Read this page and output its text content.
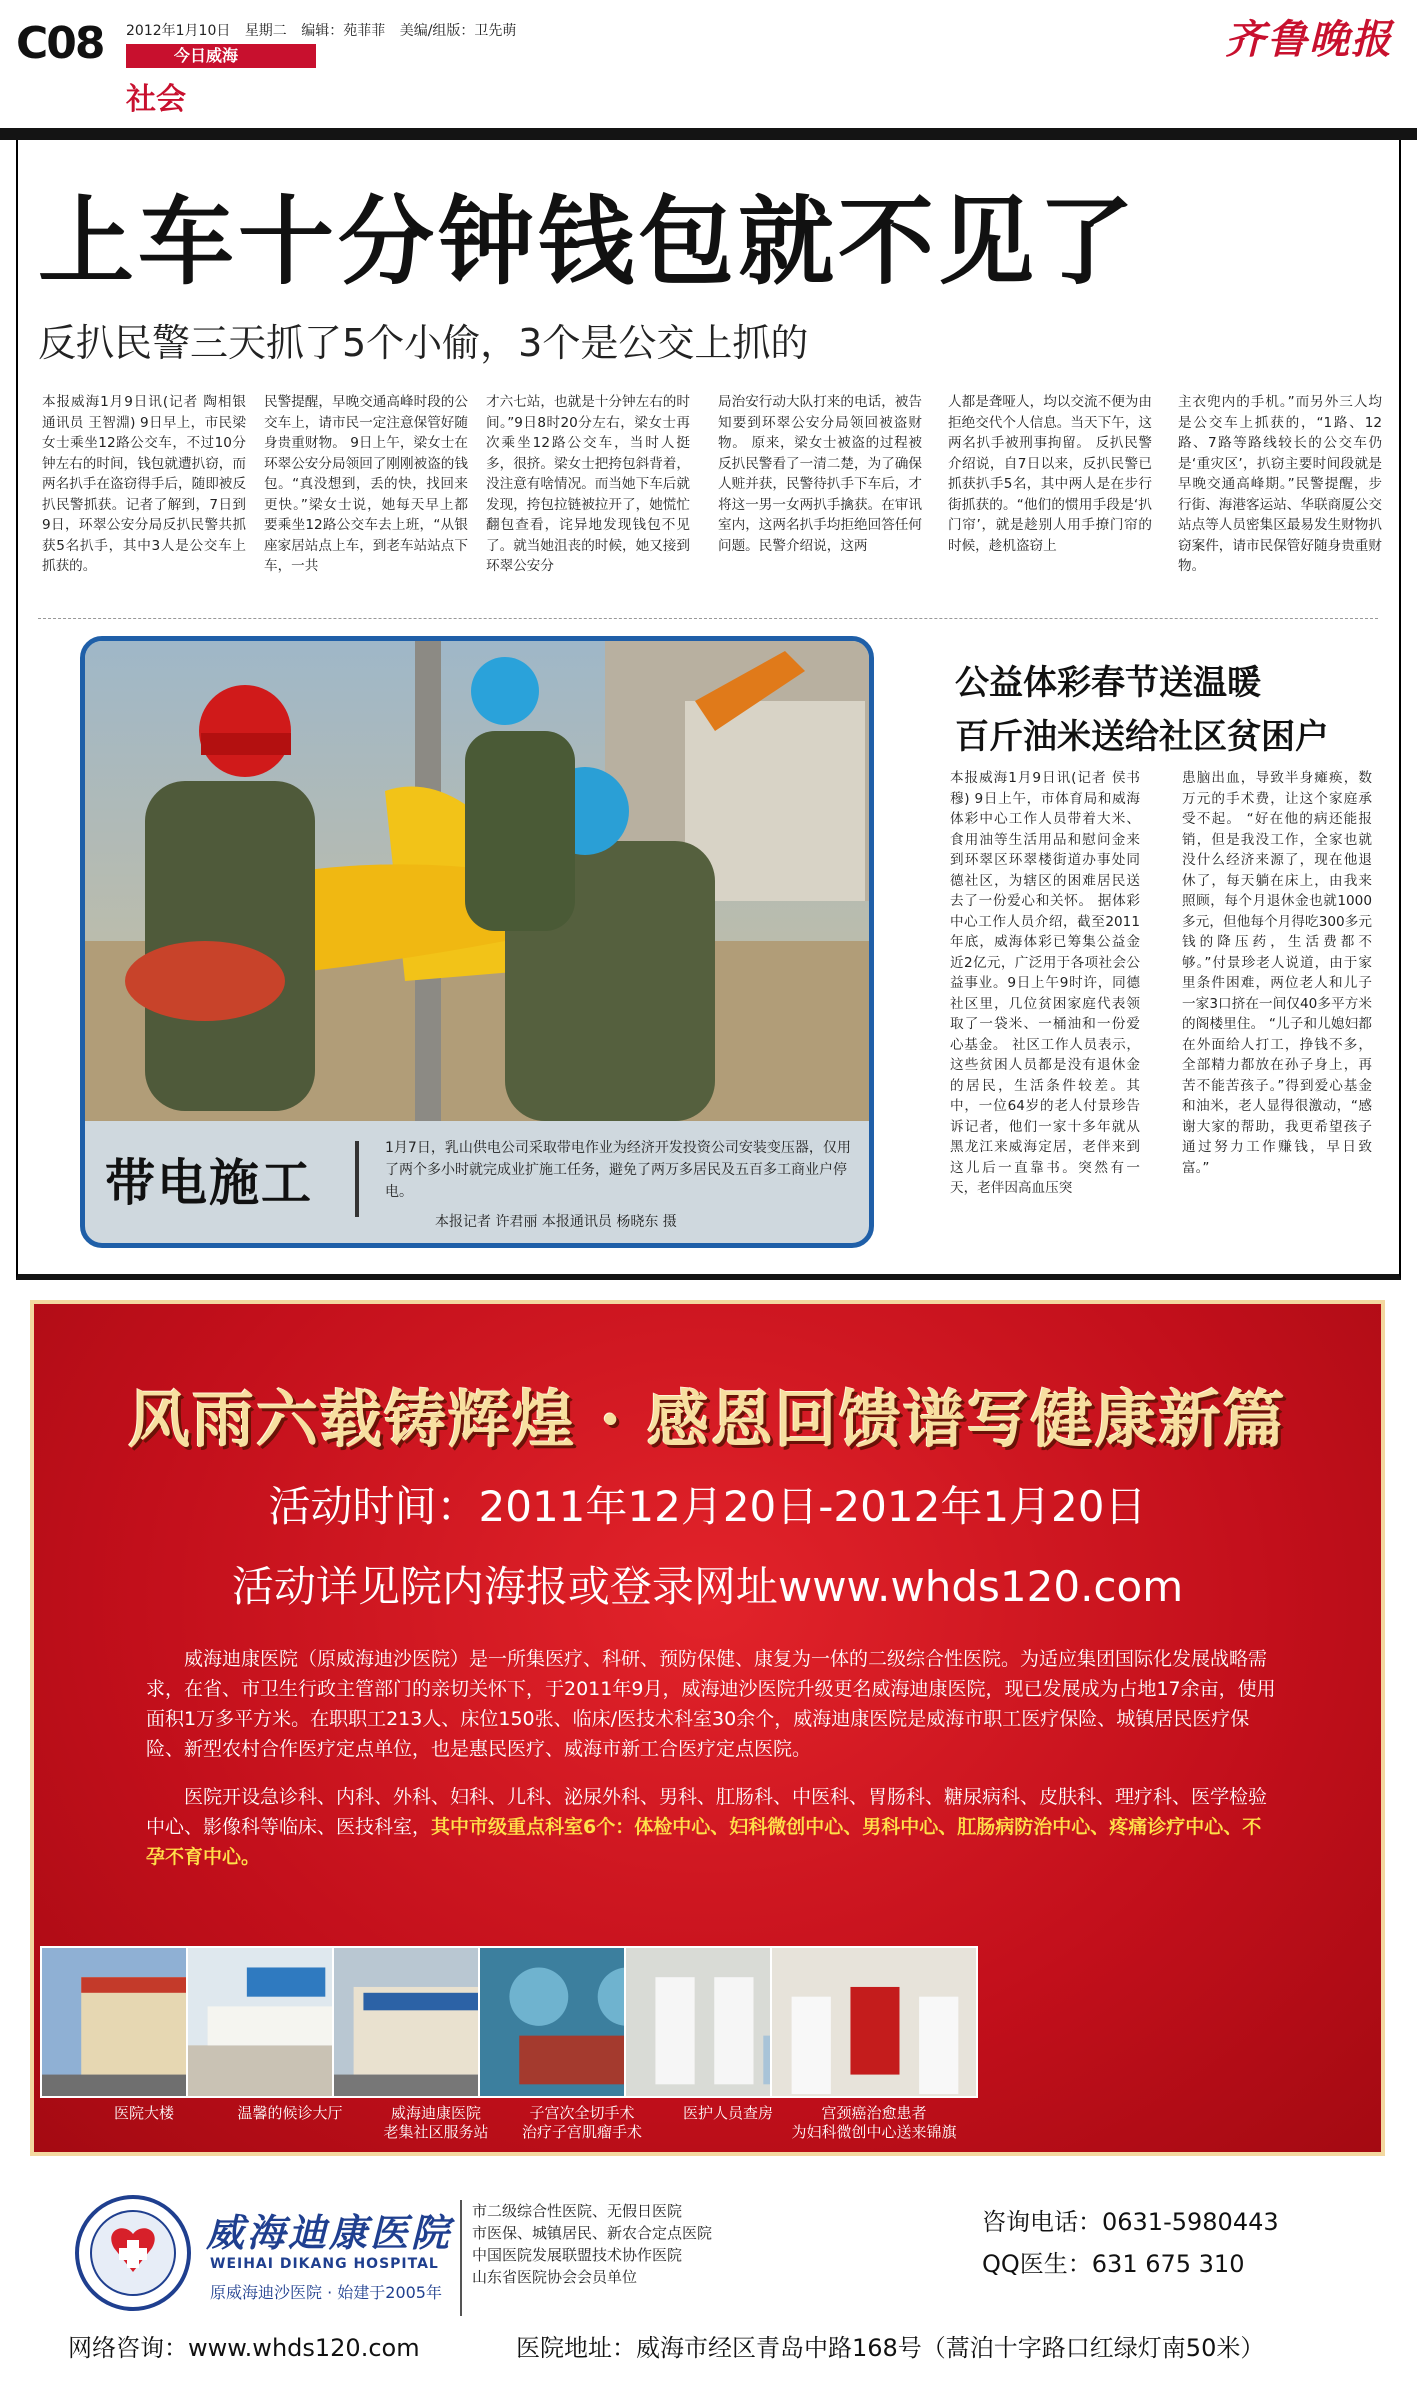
C08 2012年1月10日 星期二 编辑：苑菲菲 美编/组版：卫先萌
今日威海
社会
齐鲁晚报
上车十分钟钱包就不见了
反扒民警三天抓了5个小偷，3个是公交上抓的
本报威海1月9日讯(记者 陶相银 通讯员 王智淵) 9日早上，市民梁女士乘坐12路公交车，不过10分钟左右的时间，钱包就遭扒窃，而两名扒手在盗窃得手后，随即被反扒民警抓获。记者了解到，7日到9日，环翠公安分局反扒民警共抓获5名扒手，其中3人是公交车上抓获的。
民警提醒，早晚交通高峰时段的公交车上，请市民一定注意保管好随身贵重财物。 9日上午，梁女士在环翠公安分局领回了刚刚被盗的钱包。“真没想到，丢的快，找回来更快。”梁女士说，她每天早上都要乘坐12路公交车去上班，“从银座家居站点上车，到老车站站点下车，一共
才六七站，也就是十分钟左右的时间。”9日8时20分左右，梁女士再次乘坐12路公交车，当时人挺多，很挤。梁女士把挎包斜背着，没注意有啥情况。而当她下车后就发现，挎包拉链被拉开了，她慌忙翻包查看，诧异地发现钱包不见了。就当她沮丧的时候，她又接到环翠公安分
局治安行动大队打来的电话，被告知要到环翠公安分局领回被盗财物。 原来，梁女士被盗的过程被反扒民警看了一清二楚，为了确保人赃并获，民警待扒手下车后，才将这一男一女两扒手擒获。在审讯室内，这两名扒手均拒绝回答任何问题。民警介绍说，这两
人都是聋哑人，均以交流不便为由拒绝交代个人信息。当天下午，这两名扒手被刑事拘留。 反扒民警介绍说，自7日以来，反扒民警已抓获扒手5名，其中两人是在步行街抓获的。“他们的惯用手段是‘扒门帘’，就是趁别人用手撩门帘的时候，趁机盗窃上
主衣兜内的手机。”而另外三人均是公交车上抓获的，“1路、12路、7路等路线较长的公交车仍是‘重灾区’，扒窃主要时间段就是早晚交通高峰期。”民警提醒，步行街、海港客运站、华联商厦公交站点等人员密集区最易发生财物扒窃案件，请市民保管好随身贵重财物。
带电施工
1月7日，乳山供电公司采取带电作业为经济开发投资公司安装变压器，仅用了两个多小时就完成业扩施工任务，避免了两万多居民及五百多工商业户停电。
本报记者 许君丽 本报通讯员 杨晓东 摄
公益体彩春节送温暖
百斤油米送给社区贫困户
本报威海1月9日讯(记者 侯书穆) 9日上午，市体育局和威海体彩中心工作人员带着大米、食用油等生活用品和慰问金来到环翠区环翠楼街道办事处同德社区，为辖区的困难居民送去了一份爱心和关怀。 据体彩中心工作人员介绍，截至2011年底，威海体彩已筹集公益金近2亿元，广泛用于各项社会公益事业。9日上午9时许，同德社区里，几位贫困家庭代表领取了一袋米、一桶油和一份爱心基金。 社区工作人员表示，这些贫困人员都是没有退休金的居民，生活条件较差。其中，一位64岁的老人付景珍告诉记者，他们一家十多年就从黑龙江来威海定居，老伴来到这儿后一直靠书。突然有一天，老伴因高血压突
患脑出血，导致半身瘫痪，数万元的手术费，让这个家庭承受不起。 “好在他的病还能报销，但是我没工作，全家也就没什么经济来源了，现在他退休了，每天躺在床上，由我来照顾，每个月退休金也就1000多元，但他每个月得吃300多元钱的降压药，生活费都不够。”付景珍老人说道，由于家里条件困难，两位老人和儿子一家3口挤在一间仅40多平方米的阁楼里住。 “儿子和儿媳妇都在外面给人打工，挣钱不多，全部精力都放在孙子身上，再苦不能苦孩子。”得到爱心基金和油米，老人显得很激动，“感谢大家的帮助，我更希望孩子通过努力工作赚钱，早日致富。”
风雨六载铸辉煌 · 感恩回馈谱写健康新篇
活动时间：2011年12月20日-2012年1月20日
活动详见院内海报或登录网址www.whds120.com
威海迪康医院（原威海迪沙医院）是一所集医疗、科研、预防保健、康复为一体的二级综合性医院。为适应集团国际化发展战略需求，在省、市卫生行政主管部门的亲切关怀下，于2011年9月，威海迪沙医院升级更名威海迪康医院，现已发展成为占地17余亩，使用面积1万多平方米。在职职工213人、床位150张、临床/医技术科室30余个，威海迪康医院是威海市职工医疗保险、城镇居民医疗保险、新型农村合作医疗定点单位，也是惠民医疗、威海市新工合医疗定点医院。
医院开设急诊科、内科、外科、妇科、儿科、泌尿外科、男科、肛肠科、中医科、胃肠科、糖尿病科、皮肤科、理疗科、医学检验中心、影像科等临床、医技科室，其中市级重点科室6个：体检中心、妇科微创中心、男科中心、肛肠病防治中心、疼痛诊疗中心、不孕不育中心。
医院大楼	温馨的候诊大厅	威海迪康医院
老集社区服务站
子宫次全切手术
治疗子宫肌瘤手术
医护人员查房	宫颈癌治愈患者
为妇科微创中心送来锦旗
威海迪康医院
WEIHAI DIKANG HOSPITAL
原威海迪沙医院 · 始建于2005年
市二级综合性医院、无假日医院
市医保、城镇居民、新农合定点医院
中国医院发展联盟技术协作医院
山东省医院协会会员单位
咨询电话：0631-5980443
QQ医生：631 675 310
网络咨询：www.whds120.com	医院地址：威海市经区青岛中路168号（蒿泊十字路口红绿灯南50米）
